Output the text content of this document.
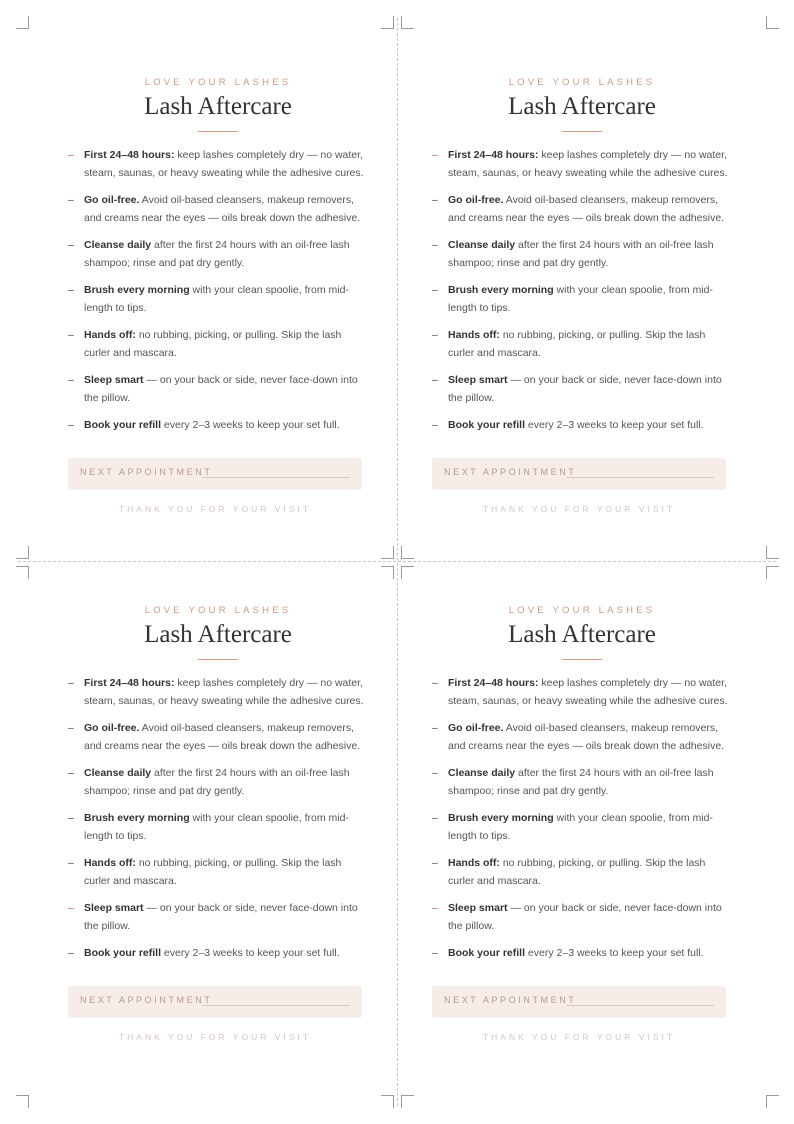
LOVE YOUR LASHES
Lash Aftercare
– First 24–48 hours: keep lashes completely dry — no water, steam, saunas, or heavy sweating while the adhesive cures.
– Go oil-free. Avoid oil-based cleansers, makeup removers, and creams near the eyes — oils break down the adhesive.
– Cleanse daily after the first 24 hours with an oil-free lash shampoo; rinse and pat dry gently.
– Brush every morning with your clean spoolie, from mid-length to tips.
– Hands off: no rubbing, picking, or pulling. Skip the lash curler and mascara.
– Sleep smart — on your back or side, never face-down into the pillow.
– Book your refill every 2–3 weeks to keep your set full.
NEXT APPOINTMENT
THANK YOU FOR YOUR VISIT
LOVE YOUR LASHES
Lash Aftercare
– First 24–48 hours: keep lashes completely dry — no water, steam, saunas, or heavy sweating while the adhesive cures.
– Go oil-free. Avoid oil-based cleansers, makeup removers, and creams near the eyes — oils break down the adhesive.
– Cleanse daily after the first 24 hours with an oil-free lash shampoo; rinse and pat dry gently.
– Brush every morning with your clean spoolie, from mid-length to tips.
– Hands off: no rubbing, picking, or pulling. Skip the lash curler and mascara.
– Sleep smart — on your back or side, never face-down into the pillow.
– Book your refill every 2–3 weeks to keep your set full.
NEXT APPOINTMENT
THANK YOU FOR YOUR VISIT
LOVE YOUR LASHES
Lash Aftercare
– First 24–48 hours: keep lashes completely dry — no water, steam, saunas, or heavy sweating while the adhesive cures.
– Go oil-free. Avoid oil-based cleansers, makeup removers, and creams near the eyes — oils break down the adhesive.
– Cleanse daily after the first 24 hours with an oil-free lash shampoo; rinse and pat dry gently.
– Brush every morning with your clean spoolie, from mid-length to tips.
– Hands off: no rubbing, picking, or pulling. Skip the lash curler and mascara.
– Sleep smart — on your back or side, never face-down into the pillow.
– Book your refill every 2–3 weeks to keep your set full.
NEXT APPOINTMENT
THANK YOU FOR YOUR VISIT
LOVE YOUR LASHES
Lash Aftercare
– First 24–48 hours: keep lashes completely dry — no water, steam, saunas, or heavy sweating while the adhesive cures.
– Go oil-free. Avoid oil-based cleansers, makeup removers, and creams near the eyes — oils break down the adhesive.
– Cleanse daily after the first 24 hours with an oil-free lash shampoo; rinse and pat dry gently.
– Brush every morning with your clean spoolie, from mid-length to tips.
– Hands off: no rubbing, picking, or pulling. Skip the lash curler and mascara.
– Sleep smart — on your back or side, never face-down into the pillow.
– Book your refill every 2–3 weeks to keep your set full.
NEXT APPOINTMENT
THANK YOU FOR YOUR VISIT
